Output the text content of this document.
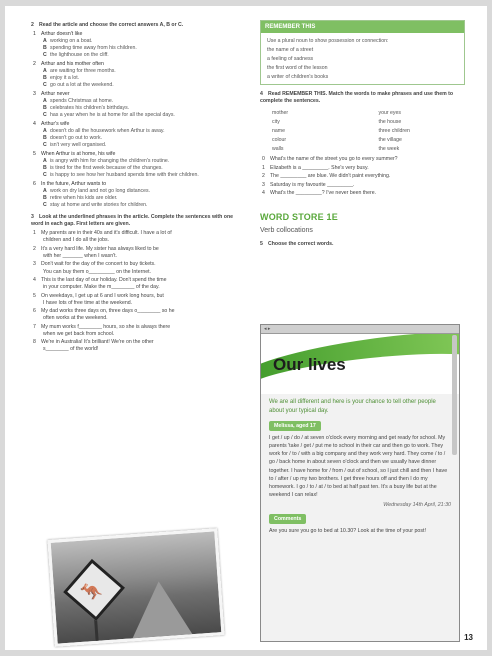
2 Read the article and choose the correct answers A, B or C.
1 Arthur doesn't like
A working on a boat.
B spending time away from his children.
C the lighthouse on the cliff.
2 Arthur and his mother often
A are waiting for three months.
B enjoy it a lot.
C go out a lot at the weekend.
3 Arthur never
A spends Christmas at home.
B celebrates his children's birthdays.
C has a year when he is at home for all the special days.
4 Arthur's wife
A doesn't do all the housework when Arthur is away.
B doesn't go out to work.
C isn't very well organised.
5 When Arthur is at home, his wife
A is angry with him for changing the children's routine.
B is tired for the first week because of the changes.
C is happy to see how her husband spends time with their children.
6 In the future, Arthur wants to
A work on dry land and not go long distances.
B retire when his kids are older.
C stay at home and write stories for children.
3 Look at the underlined phrases in the article. Complete the sentences with one word in each gap. First letters are given.
1 My parents are in their 40s and it's difficult. I have a lot of
children and I do all the jobs.
2 It's a very hard life. My sister has always liked to be
with her _______ when I wasn't.
3 Don't wait for the day of the concert to buy tickets.
You can buy them o_________ on the Internet.
4 This is the last day of our holiday. Don't spend the time
in your computer. Make the m________ of the day.
5 On weekdays, I get up at 6 and I work long hours, but
I have lots of free time at the weekend.
6 My dad works three days on, three days o________ so he
often works at the weekend.
7 My mum works f________ hours, so she is always there
when we get back from school.
8 We're in Australia! It's brilliant! We're on the other
s________ of the world!
🦘
REMEMBER THIS
Use a plural noun to show possession or connection:
the name of a street
a feeling of sadness
the first word of the lesson
a writer of children's books
4 Read REMEMBER THIS. Match the words to make phrases and use them to complete the sentences.
mother	your eyes
city	the house
name	three children
colour	the village
walls	the week
0 What's the name of the street you go to every summer?
1 Elizabeth is a _________. She's very busy.
2 The _________ are blue. We didn't paint everything.
3 Saturday is my favourite _________.
4 What's the _________? I've never been there.
WORD STORE 1E
Verb collocations
5 Choose the correct words.
◂ ▸
Our lives
We are all different and here is your chance to tell other people about your typical day.
Melissa, aged 17
I get / up / do / at seven o'clock every morning and get ready for school. My parents 'take / get / put me to school in their car and then go to work. They work for / to / with a big company and they work very hard. They come / to / go / back home in about seven o'clock and then we usually have dinner together. I have home for / from / out of school, so I just chill and then I have to / after / up my two brothers. I get three hours off and then I do my homework. I go / to / at / to bed at half past ten. It's a busy life but at the weekend I can relax!
Wednesday 14th April, 21:30
Comments
Are you sure you go to bed at 10.30? Look at the time of your post!
13
